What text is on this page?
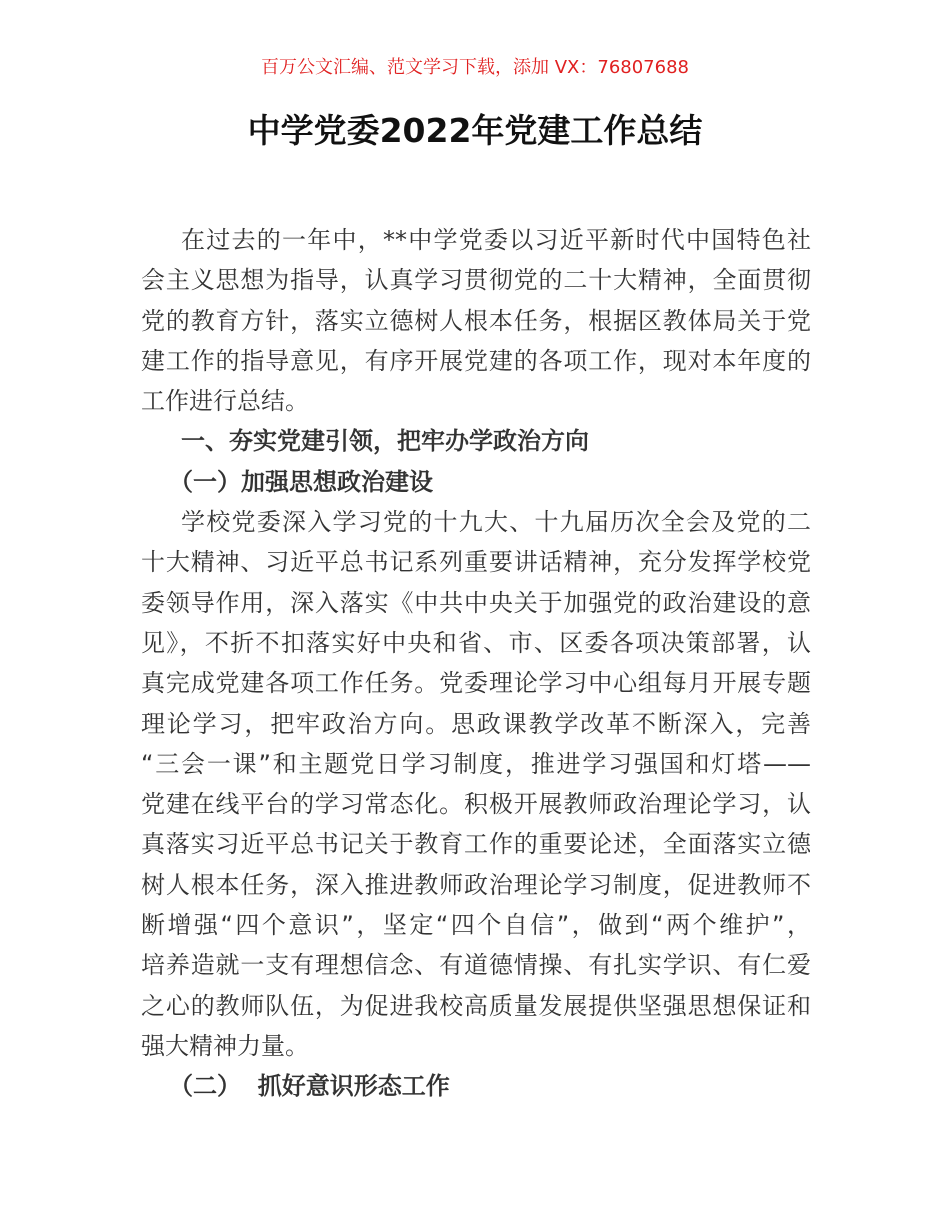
百万公文汇编、范文学习下载，添加 VX：76807688
中学党委2022年党建工作总结
在过去的一年中，**中学党委以习近平新时代中国特色社
会主义思想为指导，认真学习贯彻党的二十大精神，全面贯彻
党的教育方针，落实立德树人根本任务，根据区教体局关于党
建工作的指导意见，有序开展党建的各项工作，现对本年度的
工作进行总结。
一、夯实党建引领，把牢办学政治方向
（一）加强思想政治建设
学校党委深入学习党的十九大、十九届历次全会及党的二
十大精神、习近平总书记系列重要讲话精神，充分发挥学校党
委领导作用，深入落实《中共中央关于加强党的政治建设的意
见》，不折不扣落实好中央和省、市、区委各项决策部署，认
真完成党建各项工作任务。党委理论学习中心组每月开展专题
理论学习，把牢政治方向。思政课教学改革不断深入，完善
“三会一课”和主题党日学习制度，推进学习强国和灯塔——
党建在线平台的学习常态化。积极开展教师政治理论学习，认
真落实习近平总书记关于教育工作的重要论述，全面落实立德
树人根本任务，深入推进教师政治理论学习制度，促进教师不
断增强“四个意识”，坚定“四个自信”，做到“两个维护”，
培养造就一支有理想信念、有道德情操、有扎实学识、有仁爱
之心的教师队伍，为促进我校高质量发展提供坚强思想保证和
强大精神力量。
（二）  抓好意识形态工作
